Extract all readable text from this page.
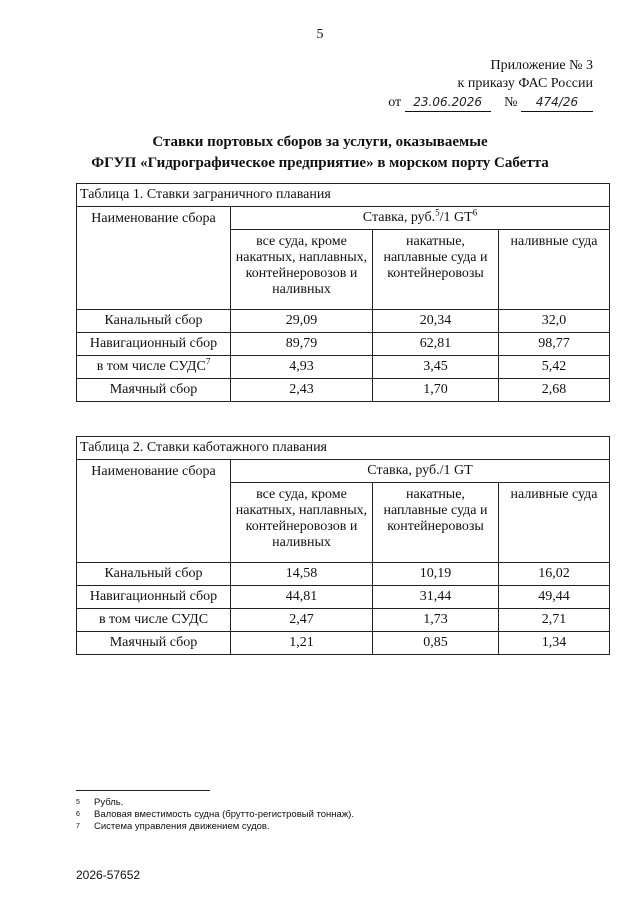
5
Приложение № 3
к приказу ФАС России
от 23.06.2026 № 474/26
Ставки портовых сборов за услуги, оказываемые
ФГУП «Гидрографическое предприятие» в морском порту Сабетта
Таблица 1. Ставки заграничного плавания			
Наименование сбора	Ставка, руб.$^5$/1 $GT^6$
	все суда, кроме накатных, наплавных, контейнеровозов и наливных	накатные, наплавные суда и контейнеровозы	наливные суда
Канальный сбор	29,09	20,34	32,0
Навигационный сбор	89,79	62,81	98,77
в том числе СУДС$^7$	4,93	3,45	5,42
Маячный сбор	2,43	1,70	2,68
Таблица 2. Ставки каботажного плавания			
Наименование сбора	Ставка, руб./1 GT		
	все суда, кроме накатных, наплавных, контейнеровозов и наливных	накатные, наплавные суда и контейнеровозы	наливные суда
Канальный сбор	14,58	10,19	16,02
Навигационный сбор	44,81	31,44	49,44
в том числе СУДС	2,47	1,73	2,71
Маячный сбор	1,21	0,85	1,34
5	Рубль.
6	Валовая вместимость судна (брутто-регистровый тоннаж).
7	Система управления движением судов.
2026-57652
